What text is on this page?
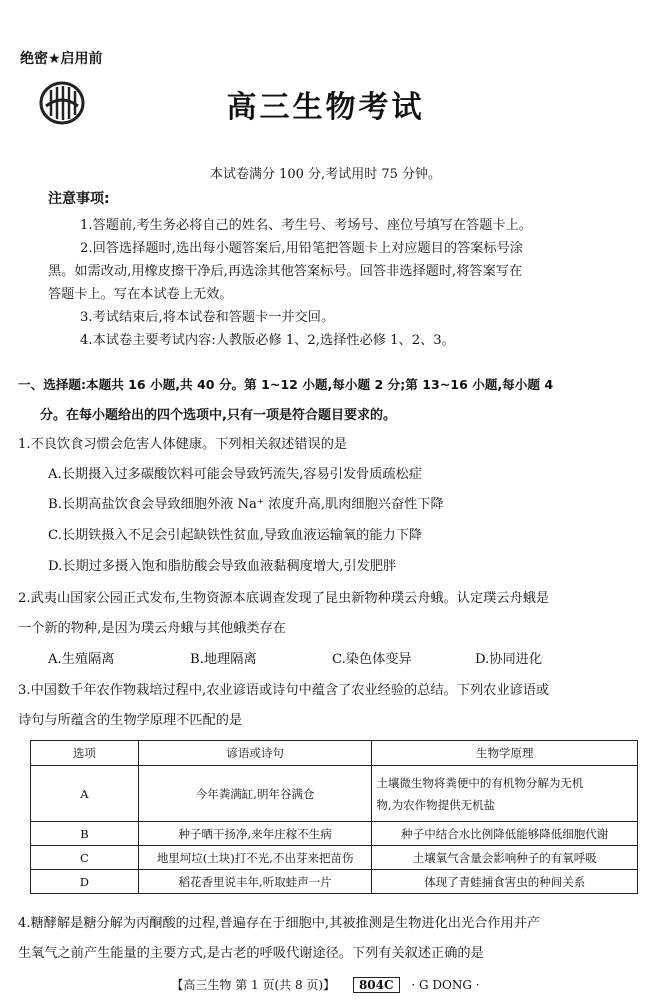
绝密★启用前
高三生物考试
本试卷满分 100 分,考试用时 75 分钟。
注意事项:
1.答题前,考生务必将自己的姓名、考生号、考场号、座位号填写在答题卡上。
2.回答选择题时,选出每小题答案后,用铅笔把答题卡上对应题目的答案标号涂
黑。如需改动,用橡皮擦干净后,再选涂其他答案标号。回答非选择题时,将答案写在
答题卡上。写在本试卷上无效。
3.考试结束后,将本试卷和答题卡一并交回。
4.本试卷主要考试内容:人教版必修 1、2,选择性必修 1、2、3。
一、选择题:本题共 16 小题,共 40 分。第 1~12 小题,每小题 2 分;第 13~16 小题,每小题 4
分。在每小题给出的四个选项中,只有一项是符合题目要求的。
1.不良饮食习惯会危害人体健康。下列相关叙述错误的是
A.长期摄入过多碳酸饮料可能会导致钙流失,容易引发骨质疏松症
B.长期高盐饮食会导致细胞外液 Na⁺ 浓度升高,肌肉细胞兴奋性下降
C.长期铁摄入不足会引起缺铁性贫血,导致血液运输氧的能力下降
D.长期过多摄入饱和脂肪酸会导致血液黏稠度增大,引发肥胖
2.武夷山国家公园正式发布,生物资源本底调查发现了昆虫新物种璞云舟蛾。认定璞云舟蛾是
一个新的物种,是因为璞云舟蛾与其他蛾类存在
A.生殖隔离	B.地理隔离	C.染色体变异	D.协同进化
3.中国数千年农作物栽培过程中,农业谚语或诗句中蕴含了农业经验的总结。下列农业谚语或
诗句与所蕴含的生物学原理不匹配的是
选项	谚语或诗句	生物学原理
A	今年粪满缸,明年谷满仓	土壤微生物将粪便中的有机物分解为无机
物,为农作物提供无机盐
B	种子晒干扬净,来年庄稼不生病	种子中结合水比例降低能够降低细胞代谢
C	地里坷垃(土块)打不光,不出芽来把苗伤	土壤氧气含量会影响种子的有氧呼吸
D	稻花香里说丰年,听取蛙声一片	体现了青蛙捕食害虫的种间关系
4.糖酵解是糖分解为丙酮酸的过程,普遍存在于细胞中,其被推测是生物进化出光合作用并产
生氧气之前产生能量的主要方式,是古老的呼吸代谢途径。下列有关叙述正确的是
【高三生物 第 1 页(共 8 页)】 804C · G DONG ·
